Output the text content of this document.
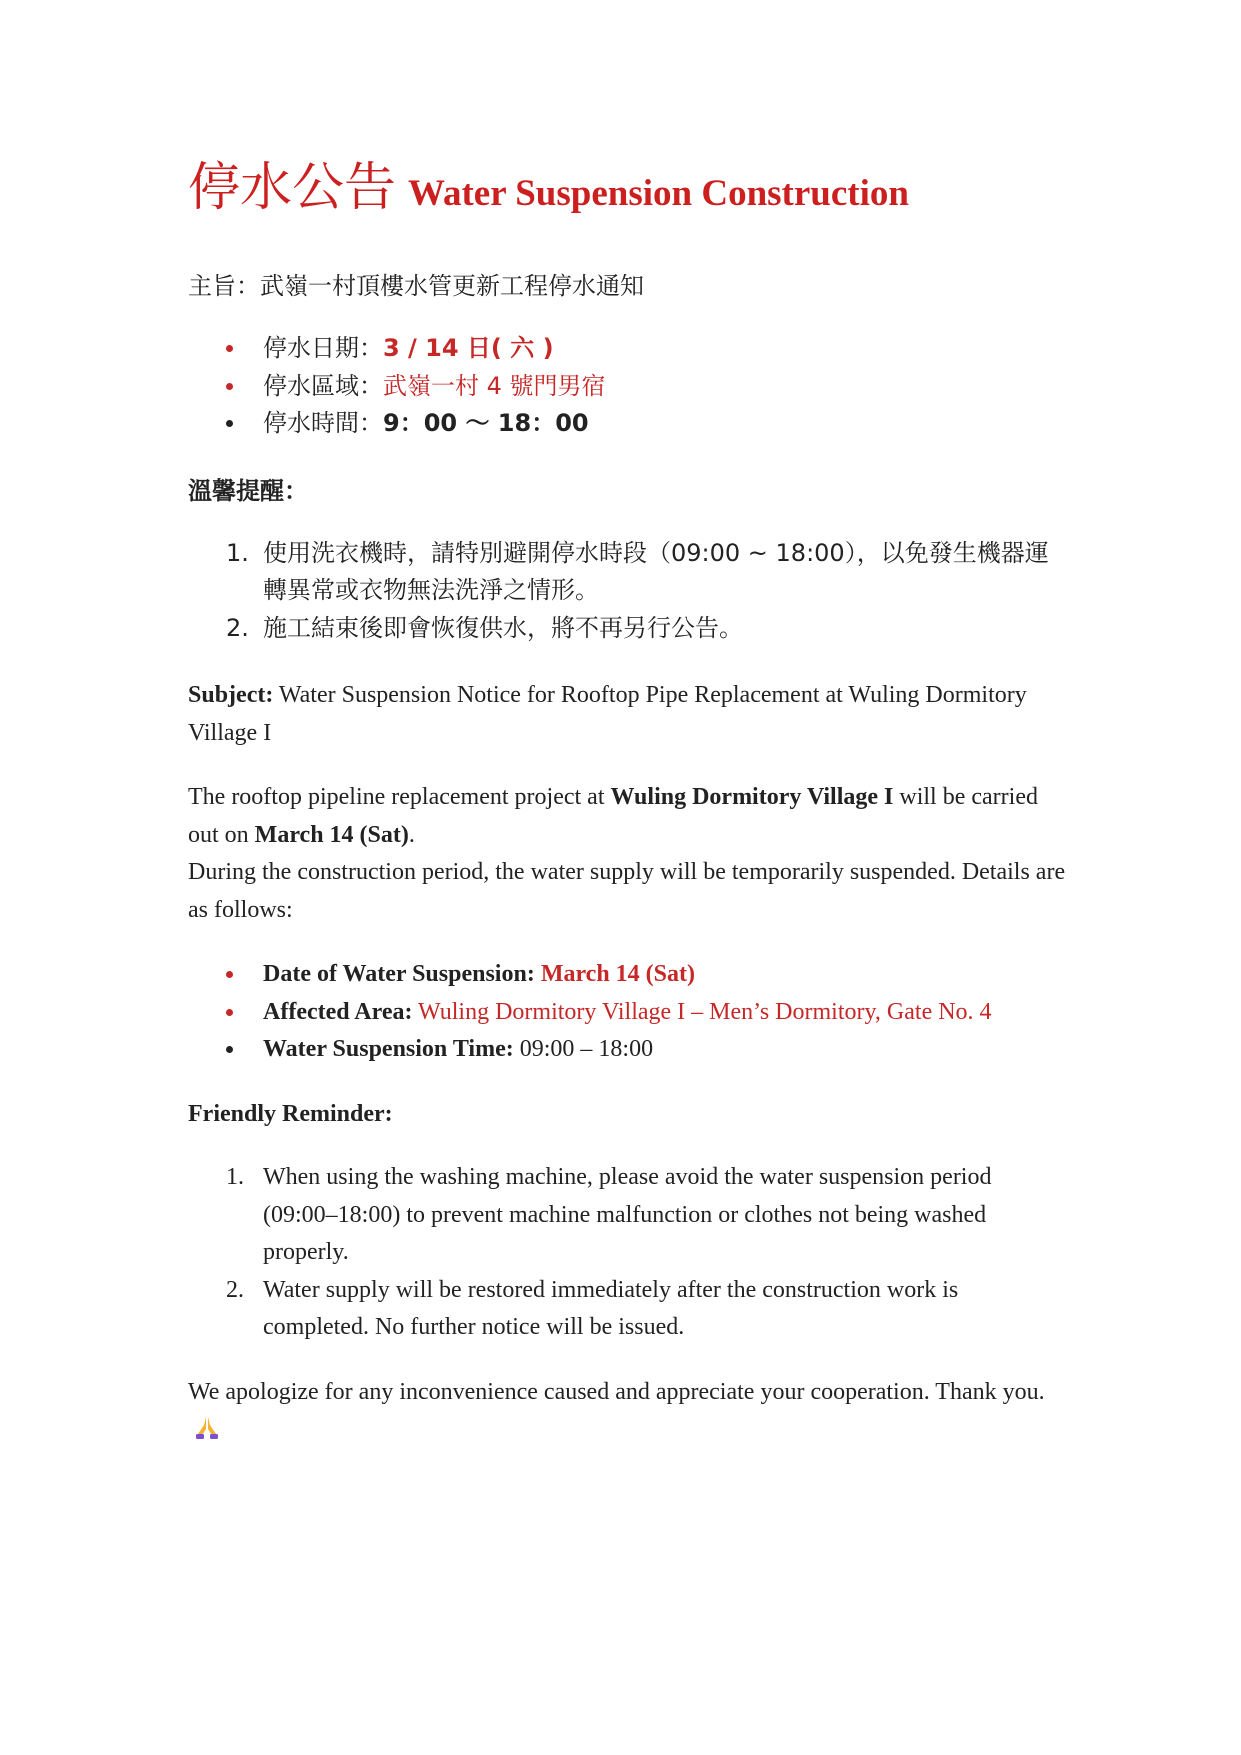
停水公告 Water Suspension Construction
主旨：武嶺一村頂樓水管更新工程停水通知
停水日期：3 / 14 日( 六 )
停水區域：武嶺一村 4 號門男宿
停水時間：9：00 ～ 18：00
溫馨提醒：
1. 使用洗衣機時，請特別避開停水時段（09:00 ~ 18:00），以免發生機器運轉異常或衣物無法洗淨之情形。
2. 施工結束後即會恢復供水，將不再另行公告。

Subject: Water Suspension Notice for Rooftop Pipe Replacement at Wuling Dormitory Village I

The rooftop pipeline replacement project at Wuling Dormitory Village I will be carried out on March 14 (Sat).

During the construction period, the water supply will be temporarily suspended. Details are as follows:

Date of Water Suspension: March 14 (Sat)
Affected Area: Wuling Dormitory Village I – Men’s Dormitory, Gate No. 4
Water Suspension Time: 09:00 – 18:00

Friendly Reminder:

1. When using the washing machine, please avoid the water suspension period (09:00–18:00) to prevent machine malfunction or clothes not being washed properly.
2. Water supply will be restored immediately after the construction work is completed. No further notice will be issued.

We apologize for any inconvenience caused and appreciate your cooperation. Thank you.
